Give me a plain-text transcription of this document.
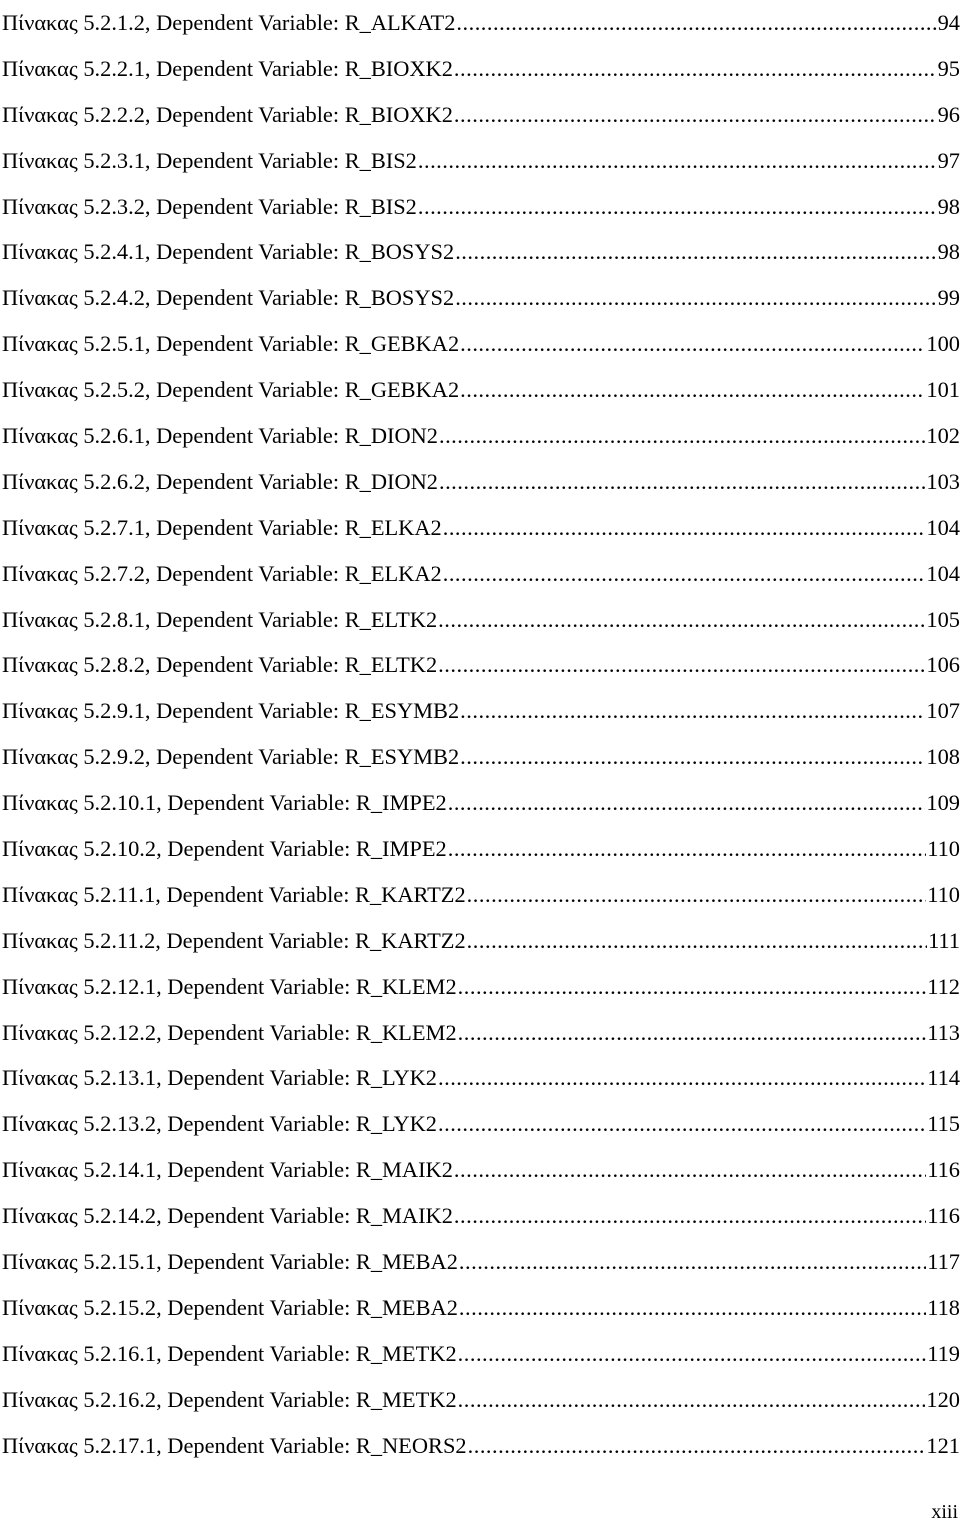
Πίνακας 5.2.1.2, Dependent Variable: R_ALKAT2 .....	94
Πίνακας 5.2.2.1, Dependent Variable: R_BIOXK2 .....	95
Πίνακας 5.2.2.2, Dependent Variable: R_BIOXK2 .....	96
Πίνακας 5.2.3.1, Dependent Variable: R_BIS2 .....	97
Πίνακας 5.2.3.2, Dependent Variable: R_BIS2 .....	98
Πίνακας 5.2.4.1, Dependent Variable: R_BOSYS2 .....	98
Πίνακας 5.2.4.2, Dependent Variable: R_BOSYS2 .....	99
Πίνακας 5.2.5.1, Dependent Variable: R_GEBKA2 .....	100
Πίνακας 5.2.5.2, Dependent Variable: R_GEBKA2 .....	101
Πίνακας 5.2.6.1, Dependent Variable: R_DION2 .....	102
Πίνακας 5.2.6.2, Dependent Variable: R_DION2 .....	103
Πίνακας 5.2.7.1, Dependent Variable: R_ELKA2 .....	104
Πίνακας 5.2.7.2, Dependent Variable: R_ELKA2 .....	104
Πίνακας 5.2.8.1, Dependent Variable: R_ELTK2 .....	105
Πίνακας 5.2.8.2, Dependent Variable: R_ELTK2 .....	106
Πίνακας 5.2.9.1, Dependent Variable: R_ESYMB2 .....	107
Πίνακας 5.2.9.2, Dependent Variable: R_ESYMB2 .....	108
Πίνακας 5.2.10.1, Dependent Variable: R_IMPE2 .....	109
Πίνακας 5.2.10.2, Dependent Variable: R_IMPE2 .....	110
Πίνακας 5.2.11.1, Dependent Variable: R_KARTZ2 .....	110
Πίνακας 5.2.11.2, Dependent Variable: R_KARTZ2 .....	111
Πίνακας 5.2.12.1, Dependent Variable: R_KLEM2 .....	112
Πίνακας 5.2.12.2, Dependent Variable: R_KLEM2 .....	113
Πίνακας 5.2.13.1, Dependent Variable: R_LYK2 .....	114
Πίνακας 5.2.13.2, Dependent Variable: R_LYK2 .....	115
Πίνακας 5.2.14.1, Dependent Variable: R_MAIK2 .....	116
Πίνακας 5.2.14.2, Dependent Variable: R_MAIK2 .....	116
Πίνακας 5.2.15.1, Dependent Variable: R_MEBA2 .....	117
Πίνακας 5.2.15.2, Dependent Variable: R_MEBA2 .....	118
Πίνακας 5.2.16.1, Dependent Variable: R_METK2 .....	119
Πίνακας 5.2.16.2, Dependent Variable: R_METK2 .....	120
Πίνακας 5.2.17.1, Dependent Variable: R_NEORS2 .....	121
xiii
